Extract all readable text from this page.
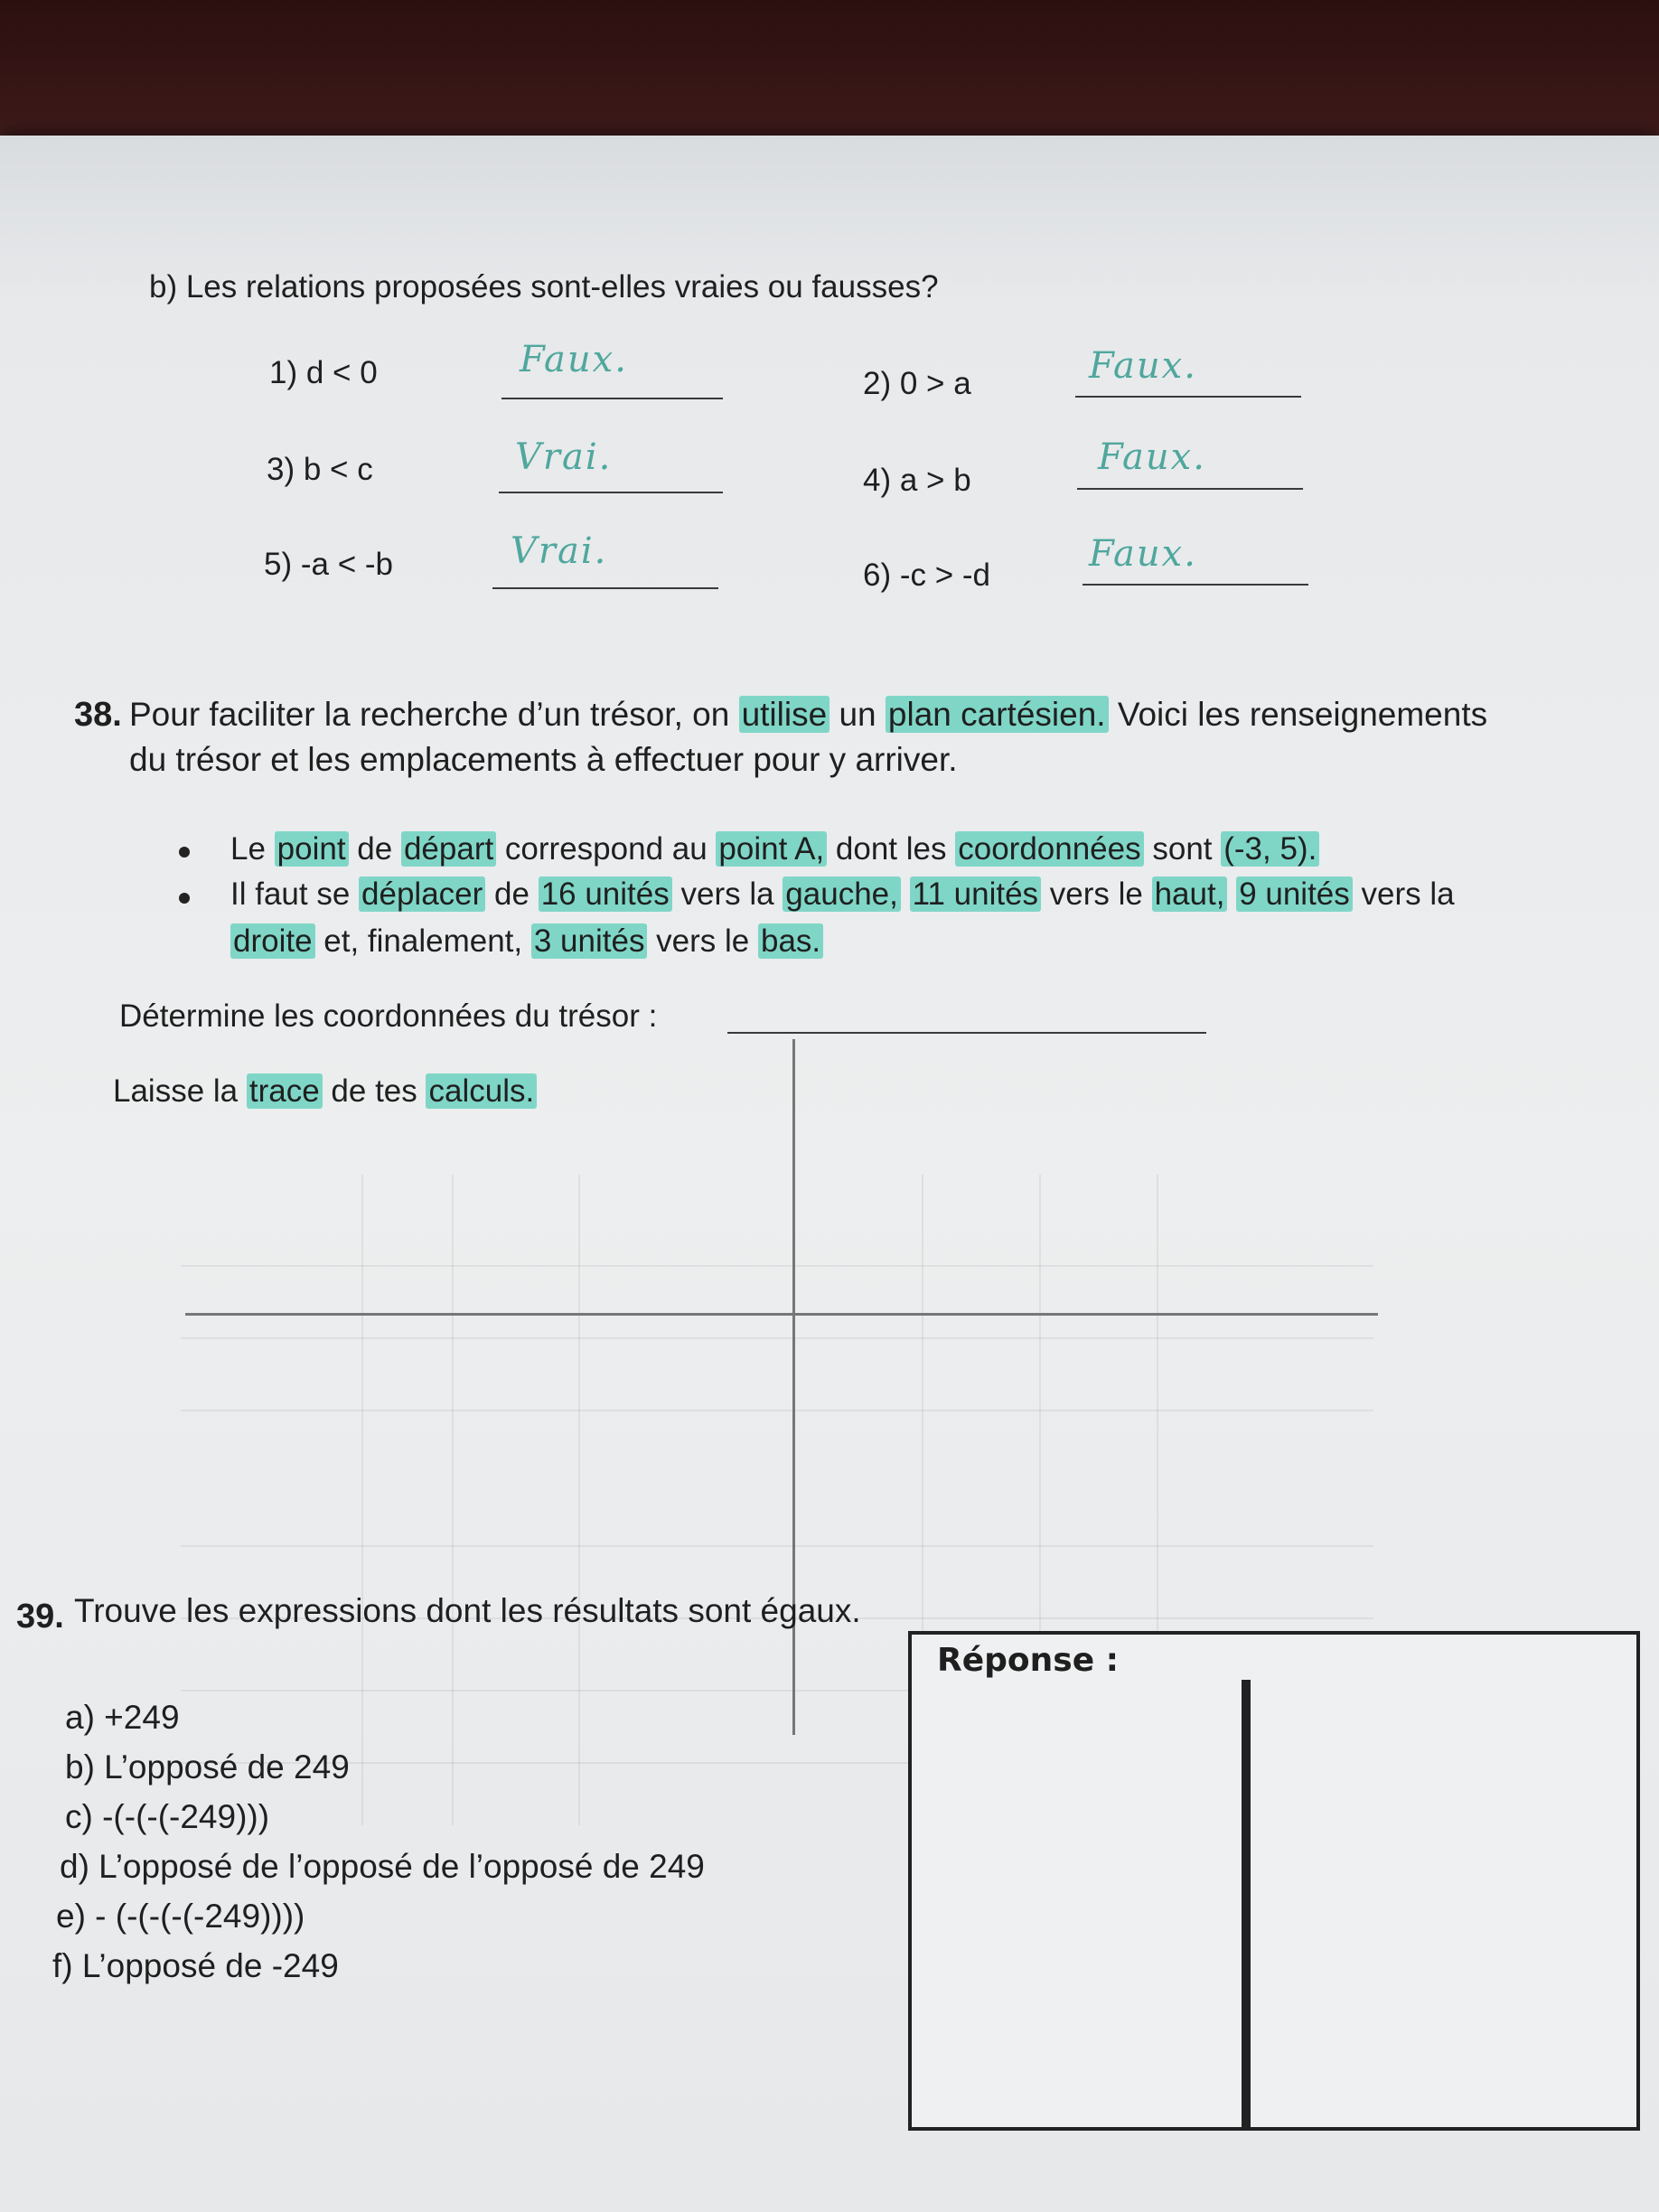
b) Les relations proposées sont-elles vraies ou fausses?
1) d < 0	Faux.
2) 0 > a	Faux.
3) b < c	Vrai.
4) a > b
Faux.
5) -a < -b	Vrai.
6) -c > -d
Faux.
38. Pour faciliter la recherche d’un trésor, on utilise un plan cartésien. Voici les renseignements
du trésor et les emplacements à effectuer pour y arriver.
Le point de départ correspond au point A, dont les coordonnées sont (-3, 5).
Il faut se déplacer de 16 unités vers la gauche, 11 unités vers le haut, 9 unités vers la
droite et, finalement, 3 unités vers le bas.
Détermine les coordonnées du trésor :
Laisse la trace de tes calculs.
39. Trouve les expressions dont les résultats sont égaux.
a) +249
b) L’opposé de 249
c) -(-(-(-249)))
d) L’opposé de l’opposé de l’opposé de 249
e) - (-(-(-(-249))))
f) L’opposé de -249
Réponse :
